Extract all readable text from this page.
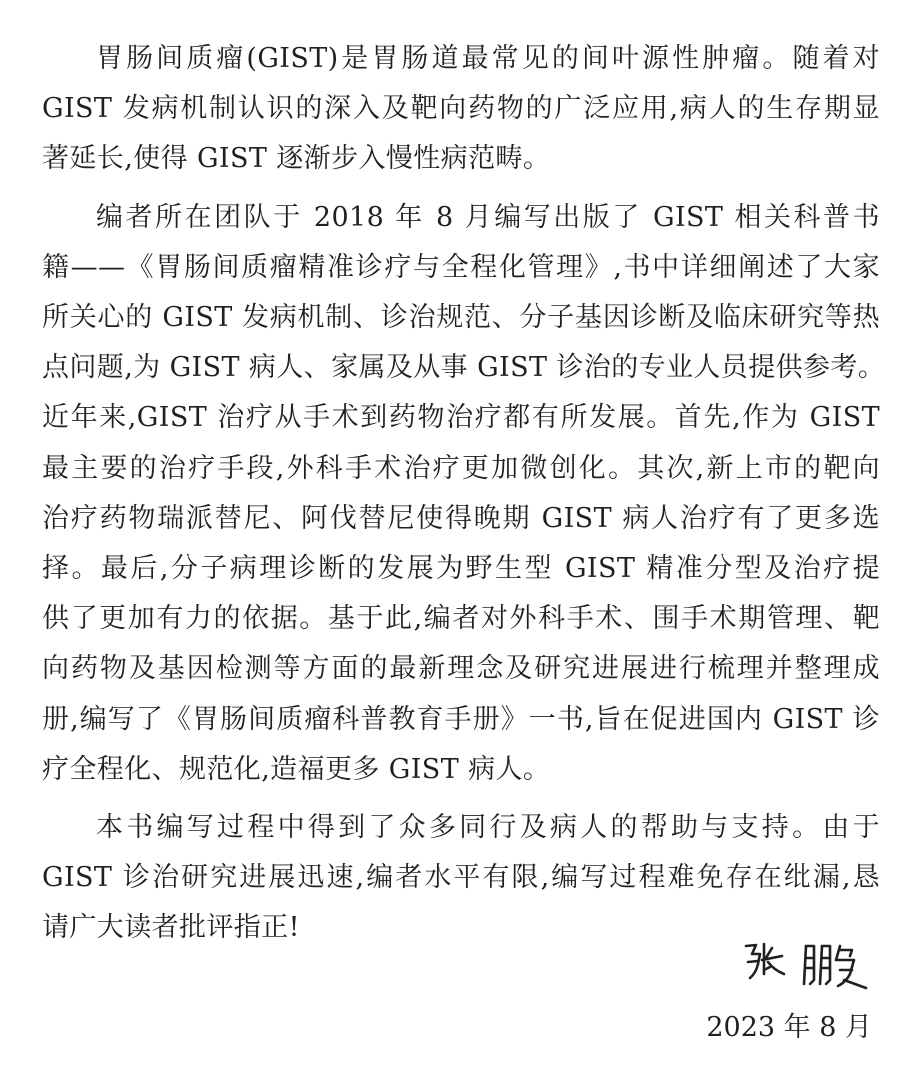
胃肠间质瘤(GIST)是胃肠道最常见的间叶源性肿瘤。随着对
GIST 发病机制认识的深入及靶向药物的广泛应用,病人的生存期显
著延长,使得 GIST 逐渐步入慢性病范畴。

编者所在团队于 2018 年 8 月编写出版了 GIST 相关科普书
籍——《胃肠间质瘤精准诊疗与全程化管理》,书中详细阐述了大家
所关心的 GIST 发病机制、诊治规范、分子基因诊断及临床研究等热
点问题,为 GIST 病人、家属及从事 GIST 诊治的专业人员提供参考。
近年来,GIST 治疗从手术到药物治疗都有所发展。首先,作为 GIST
最主要的治疗手段,外科手术治疗更加微创化。其次,新上市的靶向
治疗药物瑞派替尼、阿伐替尼使得晚期 GIST 病人治疗有了更多选
择。最后,分子病理诊断的发展为野生型 GIST 精准分型及治疗提
供了更加有力的依据。基于此,编者对外科手术、围手术期管理、靶
向药物及基因检测等方面的最新理念及研究进展进行梳理并整理成
册,编写了《胃肠间质瘤科普教育手册》一书,旨在促进国内 GIST 诊
疗全程化、规范化,造福更多 GIST 病人。

本书编写过程中得到了众多同行及病人的帮助与支持。由于
GIST 诊治研究进展迅速,编者水平有限,编写过程难免存在纰漏,恳
请广大读者批评指正!

2023 年 8 月
